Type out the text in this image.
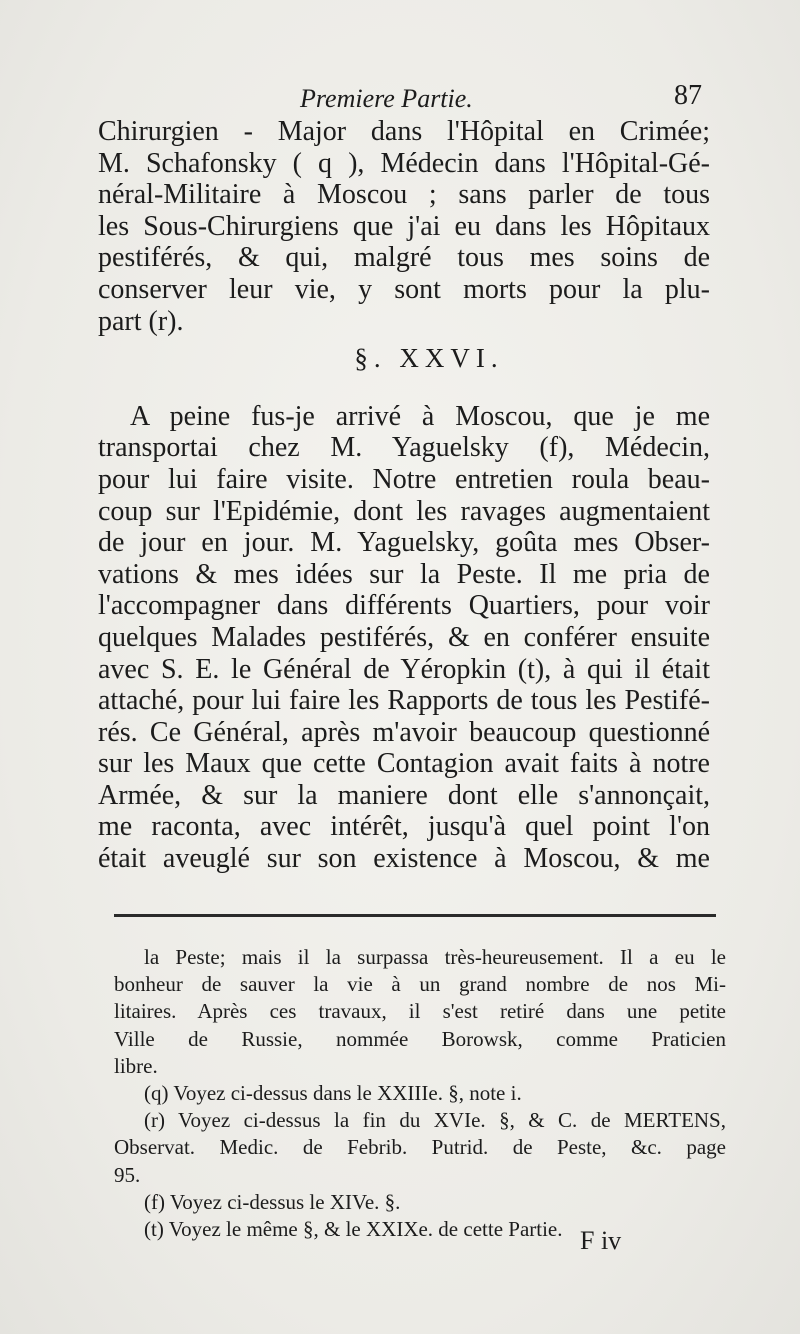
Premiere Partie.	87
Chirurgien - Major dans l'Hôpital en Crimée;
M. Schafonsky ( q ), Médecin dans l'Hôpital-Gé-
néral-Militaire à Moscou ; sans parler de tous
les Sous-Chirurgiens que j'ai eu dans les Hôpitaux
pestiférés, & qui, malgré tous mes soins de
conserver leur vie, y sont morts pour la plu-
part (r).
§. XXVI.
A peine fus-je arrivé à Moscou, que je me
transportai chez M. Yaguelsky (f), Médecin,
pour lui faire visite. Notre entretien roula beau-
coup sur l'Epidémie, dont les ravages augmentaient
de jour en jour. M. Yaguelsky, goûta mes Obser-
vations & mes idées sur la Peste. Il me pria de
l'accompagner dans différents Quartiers, pour voir
quelques Malades pestiférés, & en conférer ensuite
avec S. E. le Général de Yéropkin (t), à qui il était
attaché, pour lui faire les Rapports de tous les Pestifé-
rés. Ce Général, après m'avoir beaucoup questionné
sur les Maux que cette Contagion avait faits à notre
Armée, & sur la maniere dont elle s'annonçait,
me raconta, avec intérêt, jusqu'à quel point l'on
était aveuglé sur son existence à Moscou, & me
la Peste; mais il la surpassa très-heureusement. Il a eu le
bonheur de sauver la vie à un grand nombre de nos Mi-
litaires. Après ces travaux, il s'est retiré dans une petite
Ville de Russie, nommée Borowsk, comme Praticien
libre.
(q) Voyez ci-dessus dans le XXIIIe. §, note i.
(r) Voyez ci-dessus la fin du XVIe. §, & C. de MERTENS,
Observat. Medic. de Febrib. Putrid. de Peste, &c. page
95.
(f) Voyez ci-dessus le XIVe. §.
(t) Voyez le même §, & le XXIXe. de cette Partie. F iv
